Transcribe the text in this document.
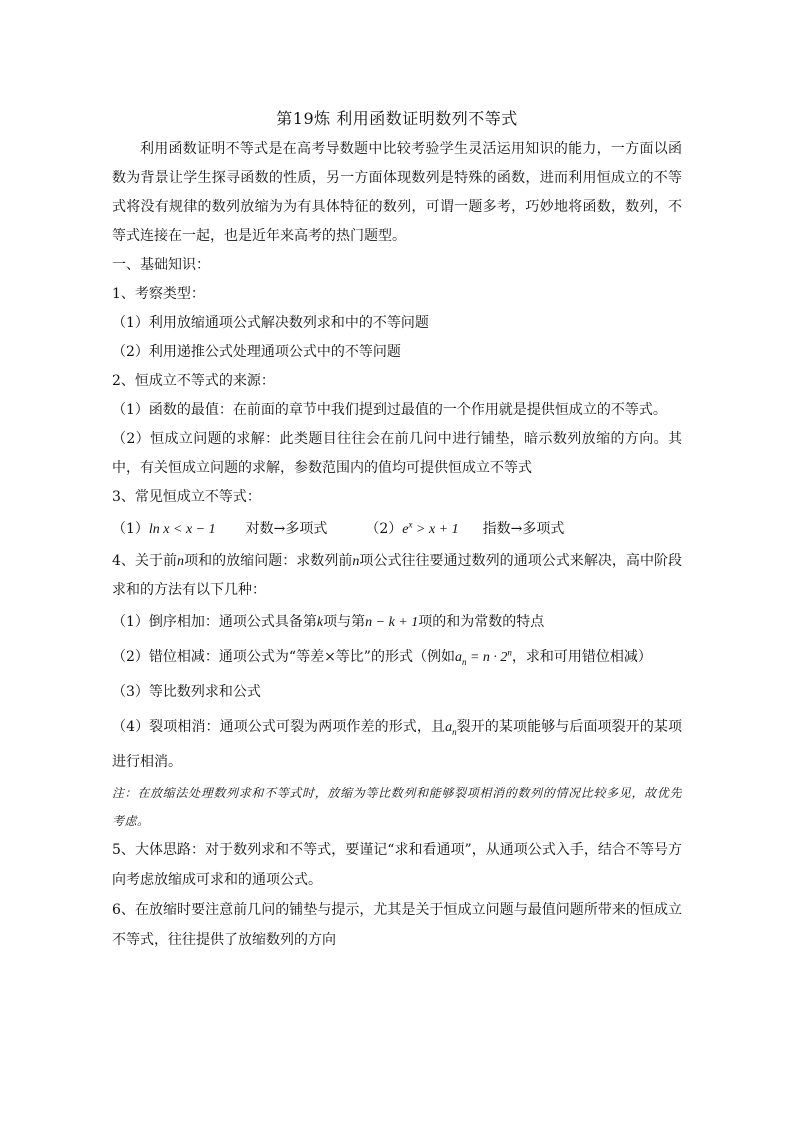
第19炼 利用函数证明数列不等式
利用函数证明不等式是在高考导数题中比较考验学生灵活运用知识的能力，一方面以函数为背景让学生探寻函数的性质，另一方面体现数列是特殊的函数，进而利用恒成立的不等式将没有规律的数列放缩为为有具体特征的数列，可谓一题多考，巧妙地将函数，数列，不等式连接在一起，也是近年来高考的热门题型。
一、基础知识：
1、考察类型：
（1）利用放缩通项公式解决数列求和中的不等问题
（2）利用递推公式处理通项公式中的不等问题
2、恒成立不等式的来源：
（1）函数的最值：在前面的章节中我们提到过最值的一个作用就是提供恒成立的不等式。
（2）恒成立问题的求解：此类题目往往会在前几问中进行铺垫，暗示数列放缩的方向。其中，有关恒成立问题的求解，参数范围内的值均可提供恒成立不等式
3、常见恒成立不等式：
（1）ln x < x − 1 对数→多项式	$(2)e^x > x + 1$ 指数→多项式
4、关于前n项和的放缩问题：求数列前n项公式往往要通过数列的通项公式来解决，高中阶段求和的方法有以下几种：
（1）倒序相加：通项公式具备第k项与第n − k + 1项的和为常数的特点
（2）错位相减：通项公式为“等差×等比”的形式（例如$a_n = n \cdot 2^n$，求和可用错位相减）
（3）等比数列求和公式
（4）裂项相消：通项公式可裂为两项作差的形式，且$a_n$裂开的某项能够与后面项裂开的某项进行相消。
注：在放缩法处理数列求和不等式时，放缩为等比数列和能够裂项相消的数列的情况比较多见，故优先考虑。
5、大体思路：对于数列求和不等式，要谨记“求和看通项”，从通项公式入手，结合不等号方向考虑放缩成可求和的通项公式。
6、在放缩时要注意前几问的铺垫与提示，尤其是关于恒成立问题与最值问题所带来的恒成立不等式，往往提供了放缩数列的方向
